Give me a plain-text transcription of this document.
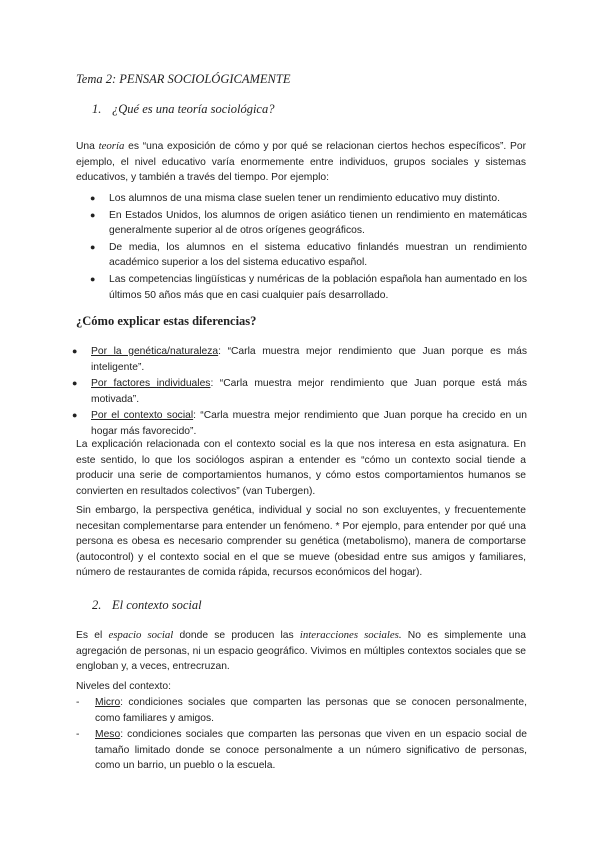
Tema 2: PENSAR SOCIOLÓGICAMENTE
1. ¿Qué es una teoría sociológica?
Una teoría es “una exposición de cómo y por qué se relacionan ciertos hechos específicos”. Por ejemplo, el nivel educativo varía enormemente entre individuos, grupos sociales y sistemas educativos, y también a través del tiempo. Por ejemplo:
● Los alumnos de una misma clase suelen tener un rendimiento educativo muy distinto.
● En Estados Unidos, los alumnos de origen asiático tienen un rendimiento en matemáticas generalmente superior al de otros orígenes geográficos.
● De media, los alumnos en el sistema educativo finlandés muestran un rendimiento académico superior a los del sistema educativo español.
● Las competencias lingüísticas y numéricas de la población española han aumentado en los últimos 50 años más que en casi cualquier país desarrollado.
¿Cómo explicar estas diferencias?
● Por la genética/naturaleza: “Carla muestra mejor rendimiento que Juan porque es más inteligente”.
● Por factores individuales: “Carla muestra mejor rendimiento que Juan porque está más motivada”.
● Por el contexto social: “Carla muestra mejor rendimiento que Juan porque ha crecido en un hogar más favorecido”.
La explicación relacionada con el contexto social es la que nos interesa en esta asignatura. En este sentido, lo que los sociólogos aspiran a entender es “cómo un contexto social tiende a producir una serie de comportamientos humanos, y cómo estos comportamientos humanos se convierten en resultados colectivos” (van Tubergen).
Sin embargo, la perspectiva genética, individual y social no son excluyentes, y frecuentemente necesitan complementarse para entender un fenómeno. * Por ejemplo, para entender por qué una persona es obesa es necesario comprender su genética (metabolismo), manera de comportarse (autocontrol) y el contexto social en el que se mueve (obesidad entre sus amigos y familiares, número de restaurantes de comida rápida, recursos económicos del hogar).
2. El contexto social
Es el espacio social donde se producen las interacciones sociales. No es simplemente una agregación de personas, ni un espacio geográfico. Vivimos en múltiples contextos sociales que se engloban y, a veces, entrecruzan.
Niveles del contexto:
- Micro: condiciones sociales que comparten las personas que se conocen personalmente, como familiares y amigos.
- Meso: condiciones sociales que comparten las personas que viven en un espacio social de tamaño limitado donde se conoce personalmente a un número significativo de personas, como un barrio, un pueblo o la escuela.
